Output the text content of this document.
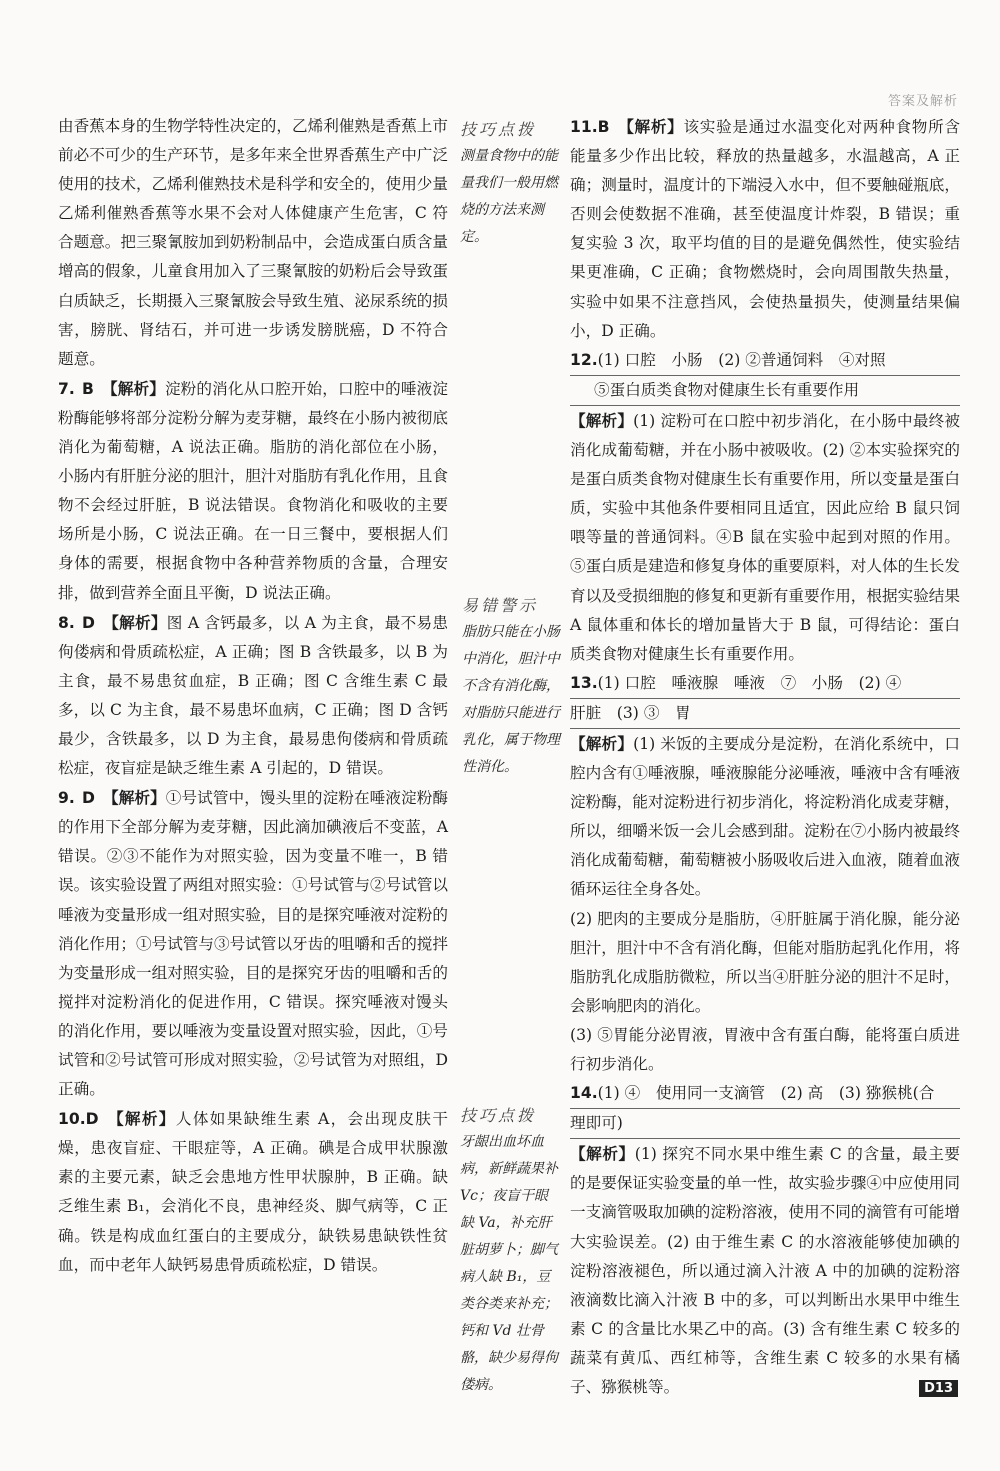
答案及解析

由香蕉本身的生物学特性决定的，乙烯利催熟是香蕉上市前必不可少的生产环节，是多年来全世界香蕉生产中广泛使用的技术，乙烯利催熟技术是科学和安全的，使用少量乙烯利催熟香蕉等水果不会对人体健康产生危害，C 符合题意。把三聚氰胺加到奶粉制品中，会造成蛋白质含量增高的假象，儿童食用加入了三聚氰胺的奶粉后会导致蛋白质缺乏，长期摄入三聚氰胺会导致生殖、泌尿系统的损害，膀胱、肾结石，并可进一步诱发膀胱癌，D 不符合题意。

7. B 【解析】淀粉的消化从口腔开始，口腔中的唾液淀粉酶能够将部分淀粉分解为麦芽糖，最终在小肠内被彻底消化为葡萄糖，A 说法正确。脂肪的消化部位在小肠，小肠内有肝脏分泌的胆汁，胆汁对脂肪有乳化作用，且食物不会经过肝脏，B 说法错误。食物消化和吸收的主要场所是小肠，C 说法正确。在一日三餐中，要根据人们身体的需要，根据食物中各种营养物质的含量，合理安排，做到营养全面且平衡，D 说法正确。

8. D 【解析】图 A 含钙最多，以 A 为主食，最不易患佝偻病和骨质疏松症，A 正确；图 B 含铁最多，以 B 为主食，最不易患贫血症，B 正确；图 C 含维生素 C 最多，以 C 为主食，最不易患坏血病，C 正确；图 D 含钙最少，含铁最多，以 D 为主食，最易患佝偻病和骨质疏松症，夜盲症是缺乏维生素 A 引起的，D 错误。

9. D 【解析】①号试管中，馒头里的淀粉在唾液淀粉酶的作用下全部分解为麦芽糖，因此滴加碘液后不变蓝，A 错误。②③不能作为对照实验，因为变量不唯一，B 错误。该实验设置了两组对照实验：①号试管与②号试管以唾液为变量形成一组对照实验，目的是探究唾液对淀粉的消化作用；①号试管与③号试管以牙齿的咀嚼和舌的搅拌为变量形成一组对照实验，目的是探究牙齿的咀嚼和舌的搅拌对淀粉消化的促进作用，C 错误。探究唾液对馒头的消化作用，要以唾液为变量设置对照实验，因此，①号试管和②号试管可形成对照实验，②号试管为对照组，D 正确。

10.D 【解析】人体如果缺维生素 A，会出现皮肤干燥，患夜盲症、干眼症等，A 正确。碘是合成甲状腺激素的主要元素，缺乏会患地方性甲状腺肿，B 正确。缺乏维生素 B₁，会消化不良，患神经炎、脚气病等，C 正确。铁是构成血红蛋白的主要成分，缺铁易患缺铁性贫血，而中老年人缺钙易患骨质疏松症，D 错误。

技巧点拨
测量食物中的能量我们一般用燃烧的方法来测定。
易错警示
脂肪只能在小肠中消化，胆汁中不含有消化酶，对脂肪只能进行乳化，属于物理性消化。
技巧点拨
牙龈出血坏血病，新鲜蔬果补 Vc；夜盲干眼缺 Va，补充肝脏胡萝卜；脚气病人缺 B₁，豆类谷类来补充；钙和 Vd 壮骨骼，缺少易得佝偻病。

11.B 【解析】该实验是通过水温变化对两种食物所含能量多少作出比较，释放的热量越多，水温越高，A 正确；测量时，温度计的下端浸入水中，但不要触碰瓶底，否则会使数据不准确，甚至使温度计炸裂，B 错误；重复实验 3 次，取平均值的目的是避免偶然性，使实验结果更准确，C 正确；食物燃烧时，会向周围散失热量，实验中如果不注意挡风，会使热量损失，使测量结果偏小，D 正确。

12.(1) 口腔　小肠　(2) ②普通饲料　④对照
⑤蛋白质类食物对健康生长有重要作用

【解析】(1) 淀粉可在口腔中初步消化，在小肠中最终被消化成葡萄糖，并在小肠中被吸收。(2) ②本实验探究的是蛋白质类食物对健康生长有重要作用，所以变量是蛋白质，实验中其他条件要相同且适宜，因此应给 B 鼠只饲喂等量的普通饲料。④B 鼠在实验中起到对照的作用。⑤蛋白质是建造和修复身体的重要原料，对人体的生长发育以及受损细胞的修复和更新有重要作用，根据实验结果 A 鼠体重和体长的增加量皆大于 B 鼠，可得结论：蛋白质类食物对健康生长有重要作用。

13.(1) 口腔　唾液腺　唾液　⑦　小肠　(2) ④
肝脏　(3) ③　胃

【解析】(1) 米饭的主要成分是淀粉，在消化系统中，口腔内含有①唾液腺，唾液腺能分泌唾液，唾液中含有唾液淀粉酶，能对淀粉进行初步消化，将淀粉消化成麦芽糖，所以，细嚼米饭一会儿会感到甜。淀粉在⑦小肠内被最终消化成葡萄糖，葡萄糖被小肠吸收后进入血液，随着血液循环运往全身各处。

(2) 肥肉的主要成分是脂肪，④肝脏属于消化腺，能分泌胆汁，胆汁中不含有消化酶，但能对脂肪起乳化作用，将脂肪乳化成脂肪微粒，所以当④肝脏分泌的胆汁不足时，会影响肥肉的消化。

(3) ⑤胃能分泌胃液，胃液中含有蛋白酶，能将蛋白质进行初步消化。

14.(1) ④　使用同一支滴管　(2) 高　(3) 猕猴桃(合
理即可)

【解析】(1) 探究不同水果中维生素 C 的含量，最主要的是要保证实验变量的单一性，故实验步骤④中应使用同一支滴管吸取加碘的淀粉溶液，使用不同的滴管有可能增大实验误差。(2) 由于维生素 C 的水溶液能够使加碘的淀粉溶液褪色，所以通过滴入汁液 A 中的加碘的淀粉溶液滴数比滴入汁液 B 中的多，可以判断出水果甲中维生素 C 的含量比水果乙中的高。(3) 含有维生素 C 较多的蔬菜有黄瓜、西红柿等，含维生素 C 较多的水果有橘子、猕猴桃等。	D13
